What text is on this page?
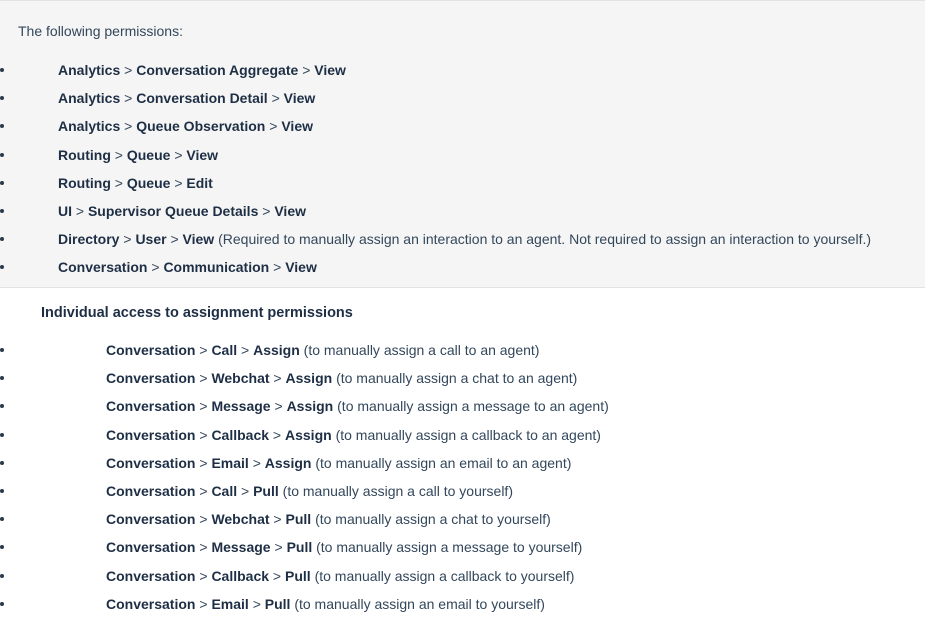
The following permissions:

Analytics > Conversation Aggregate > View
Analytics > Conversation Detail > View
Analytics > Queue Observation > View
Routing > Queue > View
Routing > Queue > Edit
UI > Supervisor Queue Details > View
Directory > User > View (Required to manually assign an interaction to an agent. Not required to assign an interaction to yourself.)
Conversation > Communication > View
Individual access to assignment permissions
Conversation > Call > Assign (to manually assign a call to an agent)
Conversation > Webchat > Assign (to manually assign a chat to an agent)
Conversation > Message > Assign (to manually assign a message to an agent)
Conversation > Callback > Assign (to manually assign a callback to an agent)
Conversation > Email > Assign (to manually assign an email to an agent)
Conversation > Call > Pull (to manually assign a call to yourself)
Conversation > Webchat > Pull (to manually assign a chat to yourself)
Conversation > Message > Pull (to manually assign a message to yourself)
Conversation > Callback > Pull (to manually assign a callback to yourself)
Conversation > Email > Pull (to manually assign an email to yourself)
